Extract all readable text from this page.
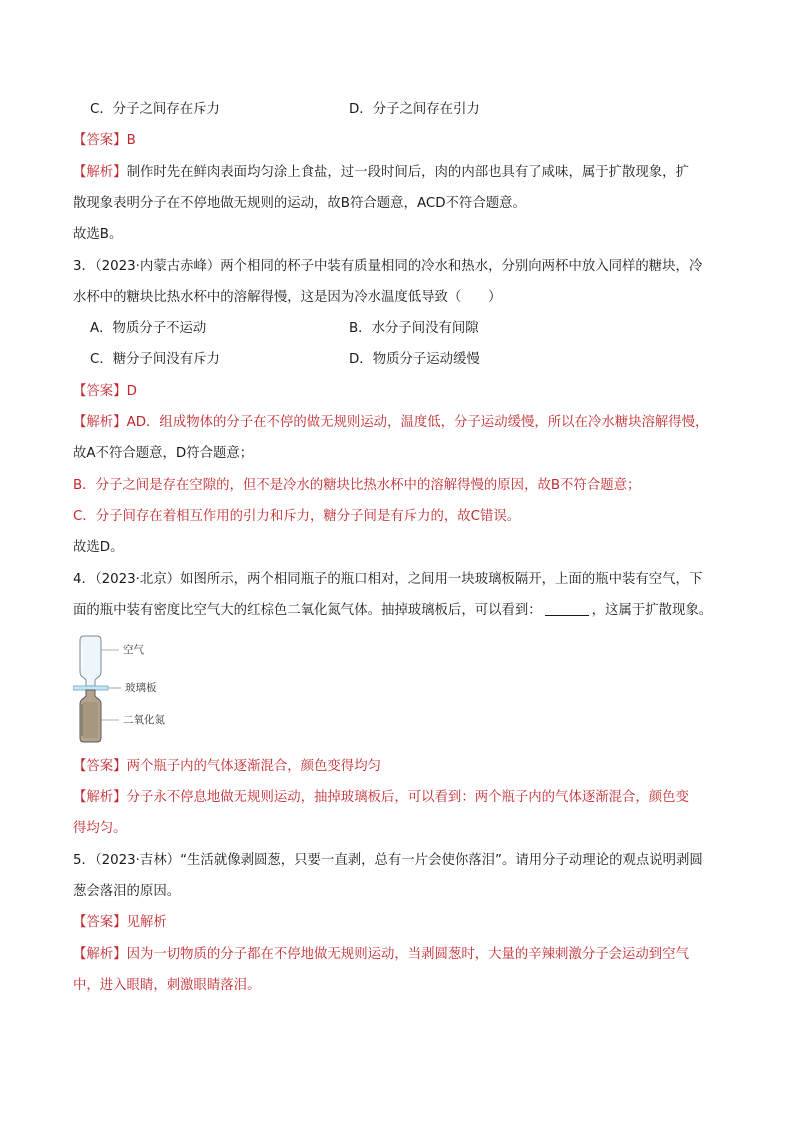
C．分子之间存在斥力	D．分子之间存在引力
【答案】B
【解析】制作时先在鲜肉表面均匀涂上食盐，过一段时间后，肉的内部也具有了咸味，属于扩散现象，扩
散现象表明分子在不停地做无规则的运动，故B符合题意，ACD不符合题意。
故选B。
3．（2023·内蒙古赤峰）两个相同的杯子中装有质量相同的冷水和热水，分别向两杯中放入同样的糖块，冷
水杯中的糖块比热水杯中的溶解得慢，这是因为冷水温度低导致（　　）
A．物质分子不运动	B．水分子间没有间隙
C．糖分子间没有斥力	D．物质分子运动缓慢
【答案】D
【解析】AD．组成物体的分子在不停的做无规则运动，温度低，分子运动缓慢，所以在冷水糖块溶解得慢，
故A不符合题意，D符合题意；
B．分子之间是存在空隙的，但不是冷水的糖块比热水杯中的溶解得慢的原因，故B不符合题意；
C．分子间存在着相互作用的引力和斥力，糖分子间是有斥力的，故C错误。
故选D。
4．（2023·北京）如图所示，两个相同瓶子的瓶口相对，之间用一块玻璃板隔开，上面的瓶中装有空气，下
面的瓶中装有密度比空气大的红棕色二氧化氮气体。抽掉玻璃板后，可以看到：	，这属于扩散现象。
空气
玻璃板
二氧化氮
【答案】两个瓶子内的气体逐渐混合，颜色变得均匀
【解析】分子永不停息地做无规则运动，抽掉玻璃板后，可以看到：两个瓶子内的气体逐渐混合，颜色变
得均匀。
5．（2023·吉林）“生活就像剥圆葱，只要一直剥，总有一片会使你落泪”。请用分子动理论的观点说明剥圆
葱会落泪的原因。
【答案】见解析
【解析】因为一切物质的分子都在不停地做无规则运动，当剥圆葱时，大量的辛辣刺激分子会运动到空气
中，进入眼睛，刺激眼睛落泪。
